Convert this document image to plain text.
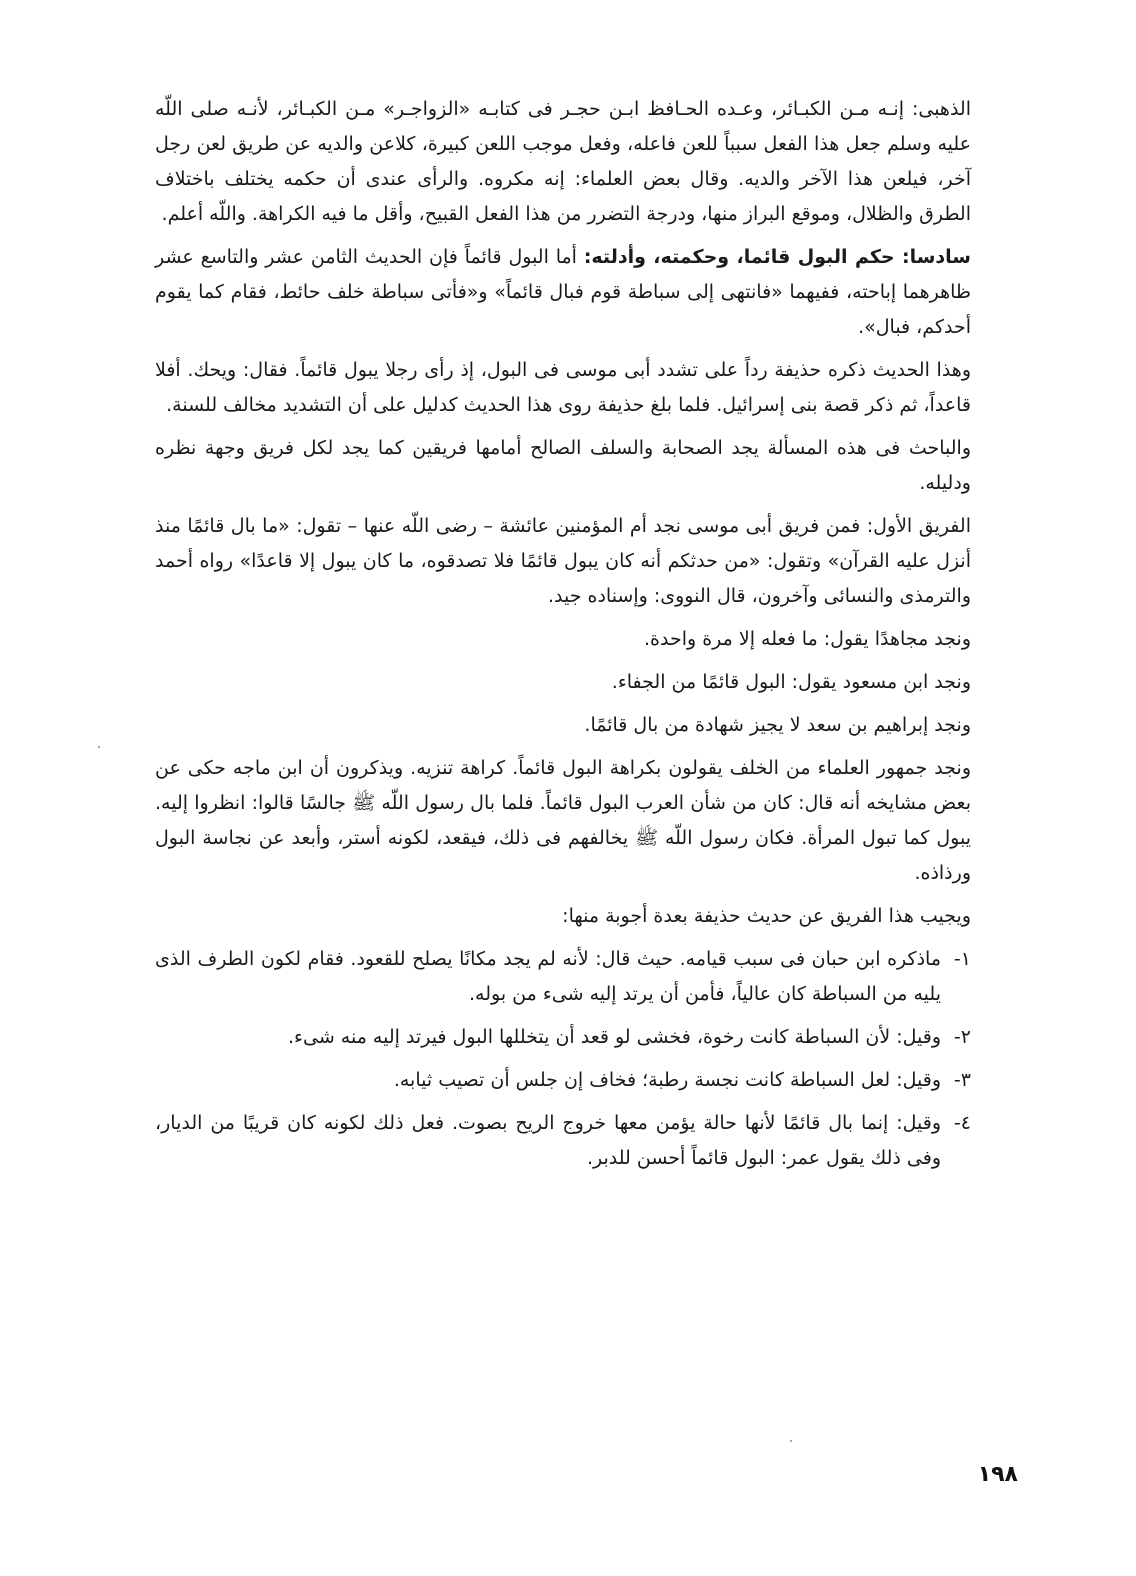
الذهبى: إنـه مـن الكبـائر، وعـده الحـافظ ابـن حجـر فى كتابـه «الزواجـر» مـن الكبـائر، لأنـه صلى اللّه عليه وسلم جعل هذا الفعل سبباً للعن فاعله، وفعل موجب اللعن كبيرة، كلاعن والديه عن طريق لعن رجل آخر، فيلعن هذا الآخر والديه. وقال بعض العلماء: إنه مكروه. والرأى عندى أن حكمه يختلف باختلاف الطرق والظلال، وموقع البراز منها، ودرجة التضرر من هذا الفعل القبيح، وأقل ما فيه الكراهة. واللّه أعلم.

سادسا: حكم البول قائما، وحكمته، وأدلته: أما البول قائماً فإن الحديث الثامن عشر والتاسع عشر ظاهرهما إباحته، ففيهما «فانتهى إلى سباطة قوم فبال قائماً» و«فأتى سباطة خلف حائط، فقام كما يقوم أحدكم، فبال».

وهذا الحديث ذكره حذيفة رداً على تشدد أبى موسى فى البول، إذ رأى رجلا يبول قائماً. فقال: ويحك. أفلا قاعداً، ثم ذكر قصة بنى إسرائيل. فلما بلغ حذيفة روى هذا الحديث كدليل على أن التشديد مخالف للسنة.

والباحث فى هذه المسألة يجد الصحابة والسلف الصالح أمامها فريقين كما يجد لكل فريق وجهة نظره ودليله.

الفريق الأول: فمن فريق أبى موسى نجد أم المؤمنين عائشة – رضى اللّه عنها – تقول: «ما بال قائمًا منذ أنزل عليه القرآن» وتقول: «من حدثكم أنه كان يبول قائمًا فلا تصدقوه، ما كان يبول إلا قاعدًا» رواه أحمد والترمذى والنسائى وآخرون، قال النووى: وإسناده جيد.

ونجد مجاهدًا يقول: ما فعله إلا مرة واحدة.

ونجد ابن مسعود يقول: البول قائمًا من الجفاء.

ونجد إبراهيم بن سعد لا يجيز شهادة من بال قائمًا.

ونجد جمهور العلماء من الخلف يقولون بكراهة البول قائماً. كراهة تنزيه. ويذكرون أن ابن ماجه حكى عن بعض مشايخه أنه قال: كان من شأن العرب البول قائماً. فلما بال رسول اللّه ﷺ جالسًا قالوا: انظروا إليه. يبول كما تبول المرأة. فكان رسول اللّه ﷺ يخالفهم فى ذلك، فيقعد، لكونه أستر، وأبعد عن نجاسة البول ورذاذه.

ويجيب هذا الفريق عن حديث حذيفة بعدة أجوبة منها:

١-
ماذكره ابن حبان فى سبب قيامه. حيث قال: لأنه لم يجد مكانًا يصلح للقعود. فقام لكون الطرف الذى يليه من السباطة كان عالياً، فأمن أن يرتد إليه شىء من بوله.
٢-
وقيل: لأن السباطة كانت رخوة، فخشى لو قعد أن يتخللها البول فيرتد إليه منه شىء.
٣-
وقيل: لعل السباطة كانت نجسة رطبة؛ فخاف إن جلس أن تصيب ثيابه.
٤-
وقيل: إنما بال قائمًا لأنها حالة يؤمن معها خروج الريح بصوت. فعل ذلك لكونه كان قريبًا من الديار، وفى ذلك يقول عمر: البول قائماً أحسن للدبر.
١٩٨
